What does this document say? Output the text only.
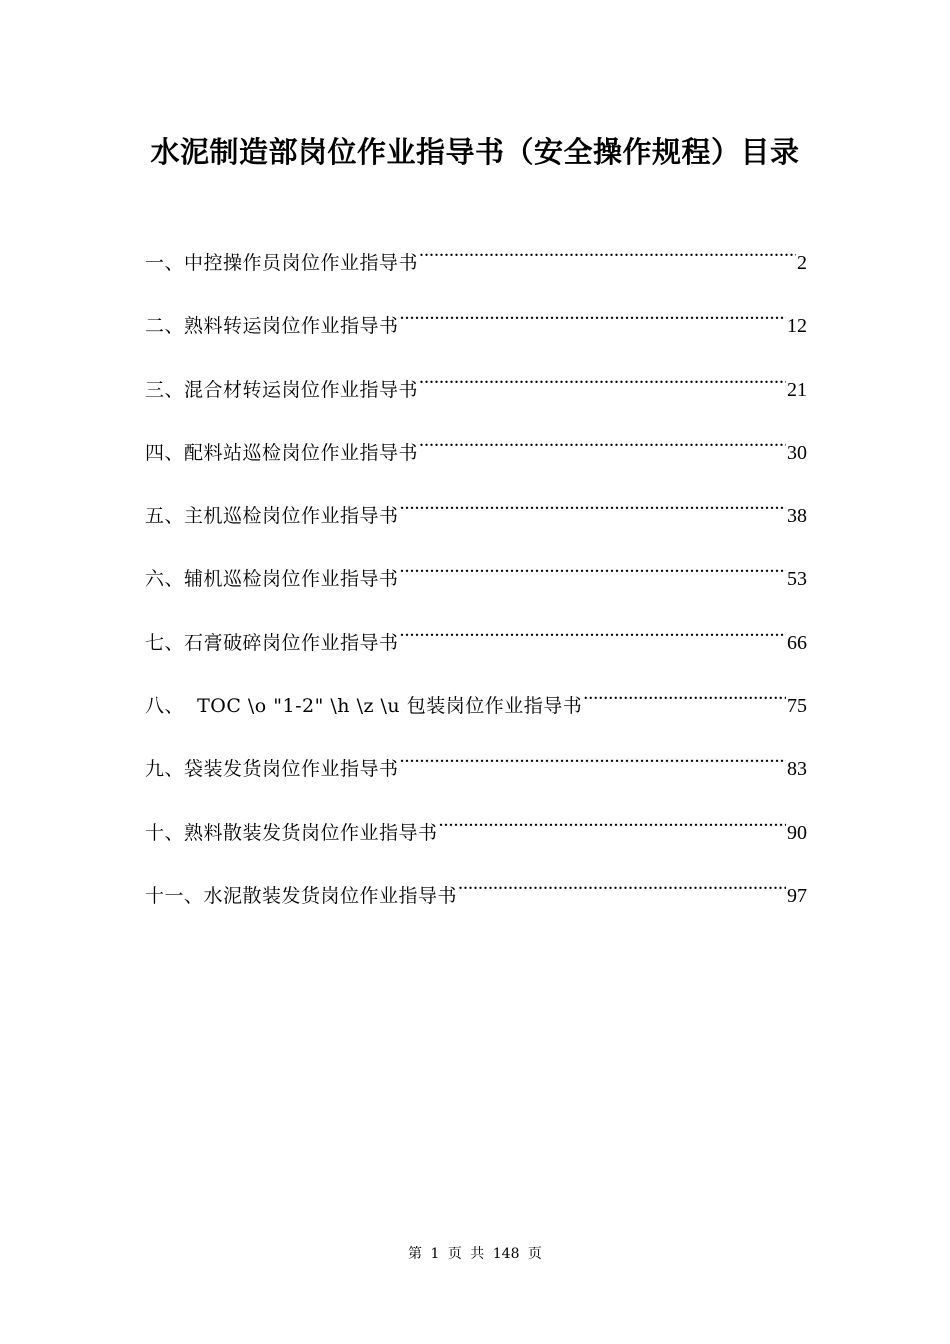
水泥制造部岗位作业指导书（安全操作规程）目录
一、中控操作员岗位作业指导书 .....	2
二、熟料转运岗位作业指导书 .....	12
三、混合材转运岗位作业指导书 .....	21
四、配料站巡检岗位作业指导书 .....	30
五、主机巡检岗位作业指导书 .....	38
六、辅机巡检岗位作业指导书 .....	53
七、石膏破碎岗位作业指导书 .....	66
八、  TOC \o "1-2" \h \z \u 包装岗位作业指导书 .....	75
九、袋装发货岗位作业指导书 .....	83
十、熟料散装发货岗位作业指导书 .....	90
十一、水泥散装发货岗位作业指导书 .....	97
第 1 页 共 148 页
